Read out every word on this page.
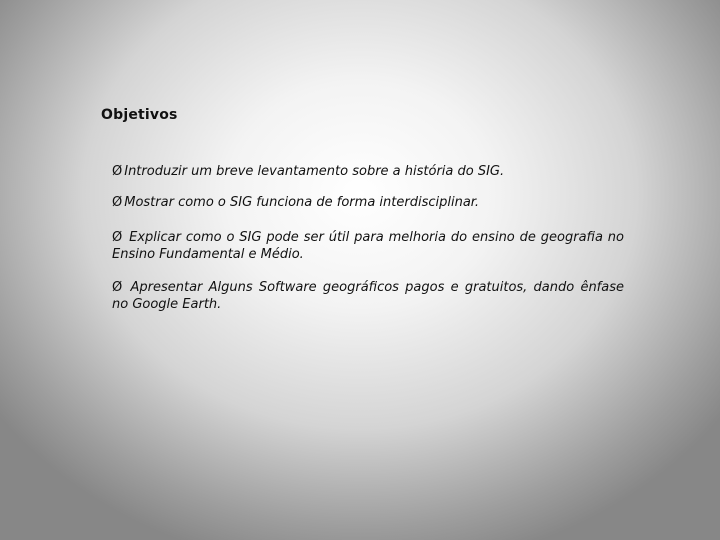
Objetivos
Ø Introduzir um breve levantamento sobre a história do SIG.
Ø Mostrar como o SIG funciona de forma interdisciplinar.
Ø Explicar como o SIG pode ser útil para melhoria do ensino de geografia no Ensino Fundamental e Médio.
Ø Apresentar Alguns Software geográficos pagos e gratuitos, dando ênfase no Google Earth.
